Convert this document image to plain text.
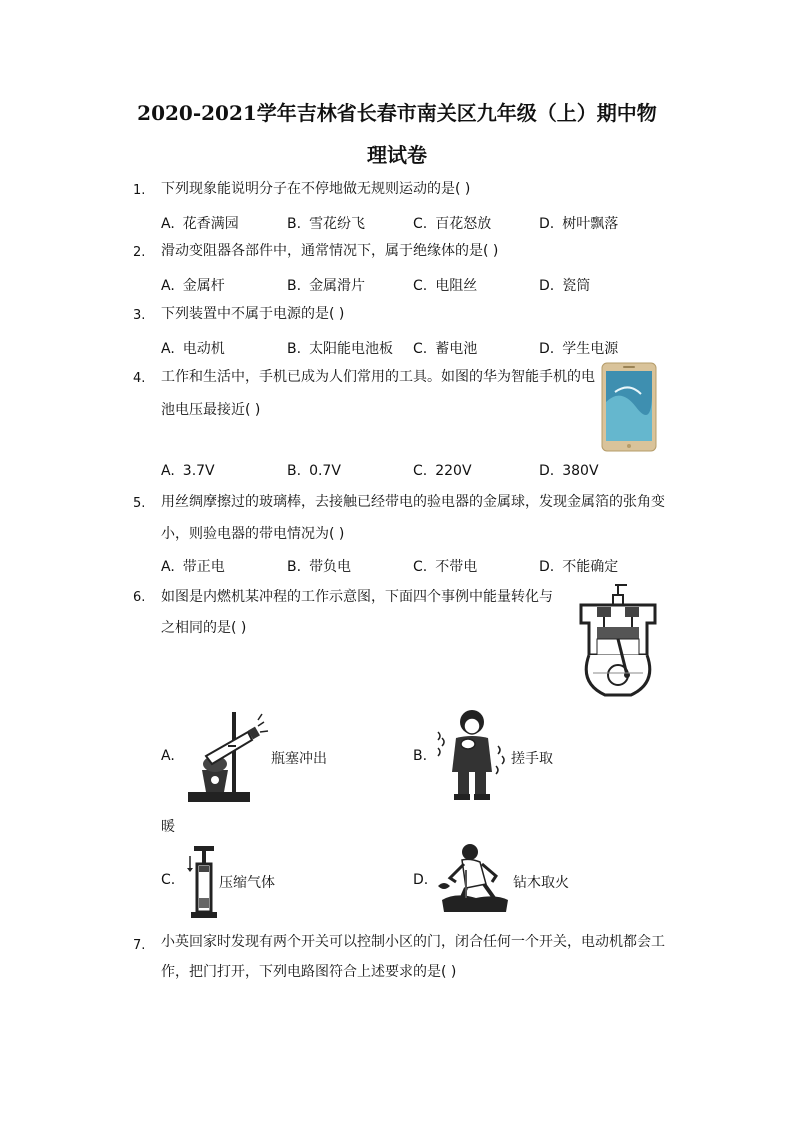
2020-2021学年吉林省长春市南关区九年级（上）期中物
理试卷
1. 下列现象能说明分子在不停地做无规则运动的是( )
A. 花香满园	B. 雪花纷飞	C. 百花怒放	D. 树叶飘落
2. 滑动变阻器各部件中，通常情况下，属于绝缘体的是( )
A. 金属杆	B. 金属滑片	C. 电阻丝	D. 瓷筒
3. 下列装置中不属于电源的是( )
A. 电动机	B. 太阳能电池板 C. 蓄电池	D. 学生电源
4. 工作和生活中，手机已成为人们常用的工具。如图的华为智能手机的电
池电压最接近( )
A. 3.7V	B. 0.7V	C. 220V	D. 380V
5. 用丝绸摩擦过的玻璃棒，去接触已经带电的验电器的金属球，发现金属箔的张角变
小，则验电器的带电情况为( )
A. 带正电	B. 带负电	C. 不带电	D. 不能确定
6. 如图是内燃机某冲程的工作示意图，下面四个事例中能量转化与
之相同的是( )
A.	瓶塞冲出	B.	搓手取
暖
C.	压缩气体	D.	钻木取火
7. 小英回家时发现有两个开关可以控制小区的门，闭合任何一个开关，电动机都会工
作，把门打开，下列电路图符合上述要求的是( )
